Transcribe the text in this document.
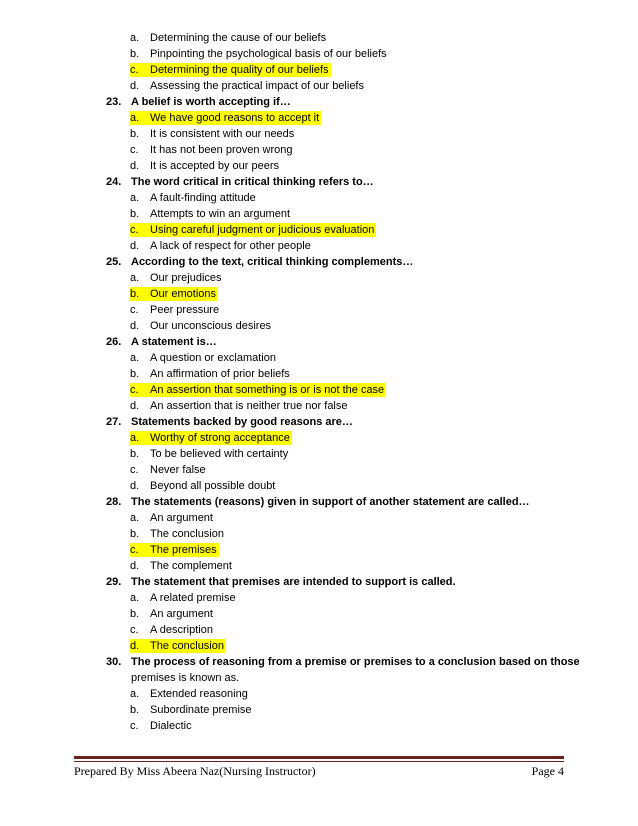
a. Determining the cause of our beliefs
b. Pinpointing the psychological basis of our beliefs
c. Determining the quality of our beliefs
d. Assessing the practical impact of our beliefs
23. A belief is worth accepting if…
a. We have good reasons to accept it
b. It is consistent with our needs
c. It has not been proven wrong
d. It is accepted by our peers
24. The word critical in critical thinking refers to…
a. A fault-finding attitude
b. Attempts to win an argument
c. Using careful judgment or judicious evaluation
d. A lack of respect for other people
25. According to the text, critical thinking complements…
a. Our prejudices
b. Our emotions
c. Peer pressure
d. Our unconscious desires
26. A statement is…
a. A question or exclamation
b. An affirmation of prior beliefs
c. An assertion that something is or is not the case
d. An assertion that is neither true nor false
27. Statements backed by good reasons are…
a. Worthy of strong acceptance
b. To be believed with certainty
c. Never false
d. Beyond all possible doubt
28. The statements (reasons) given in support of another statement are called…
a. An argument
b. The conclusion
c. The premises
d. The complement
29. The statement that premises are intended to support is called.
a. A related premise
b. An argument
c. A description
d. The conclusion
30. The process of reasoning from a premise or premises to a conclusion based on those
premises is known as.
a. Extended reasoning
b. Subordinate premise
c. Dialectic
Prepared By Miss Abeera Naz(Nursing Instructor)	Page 4
